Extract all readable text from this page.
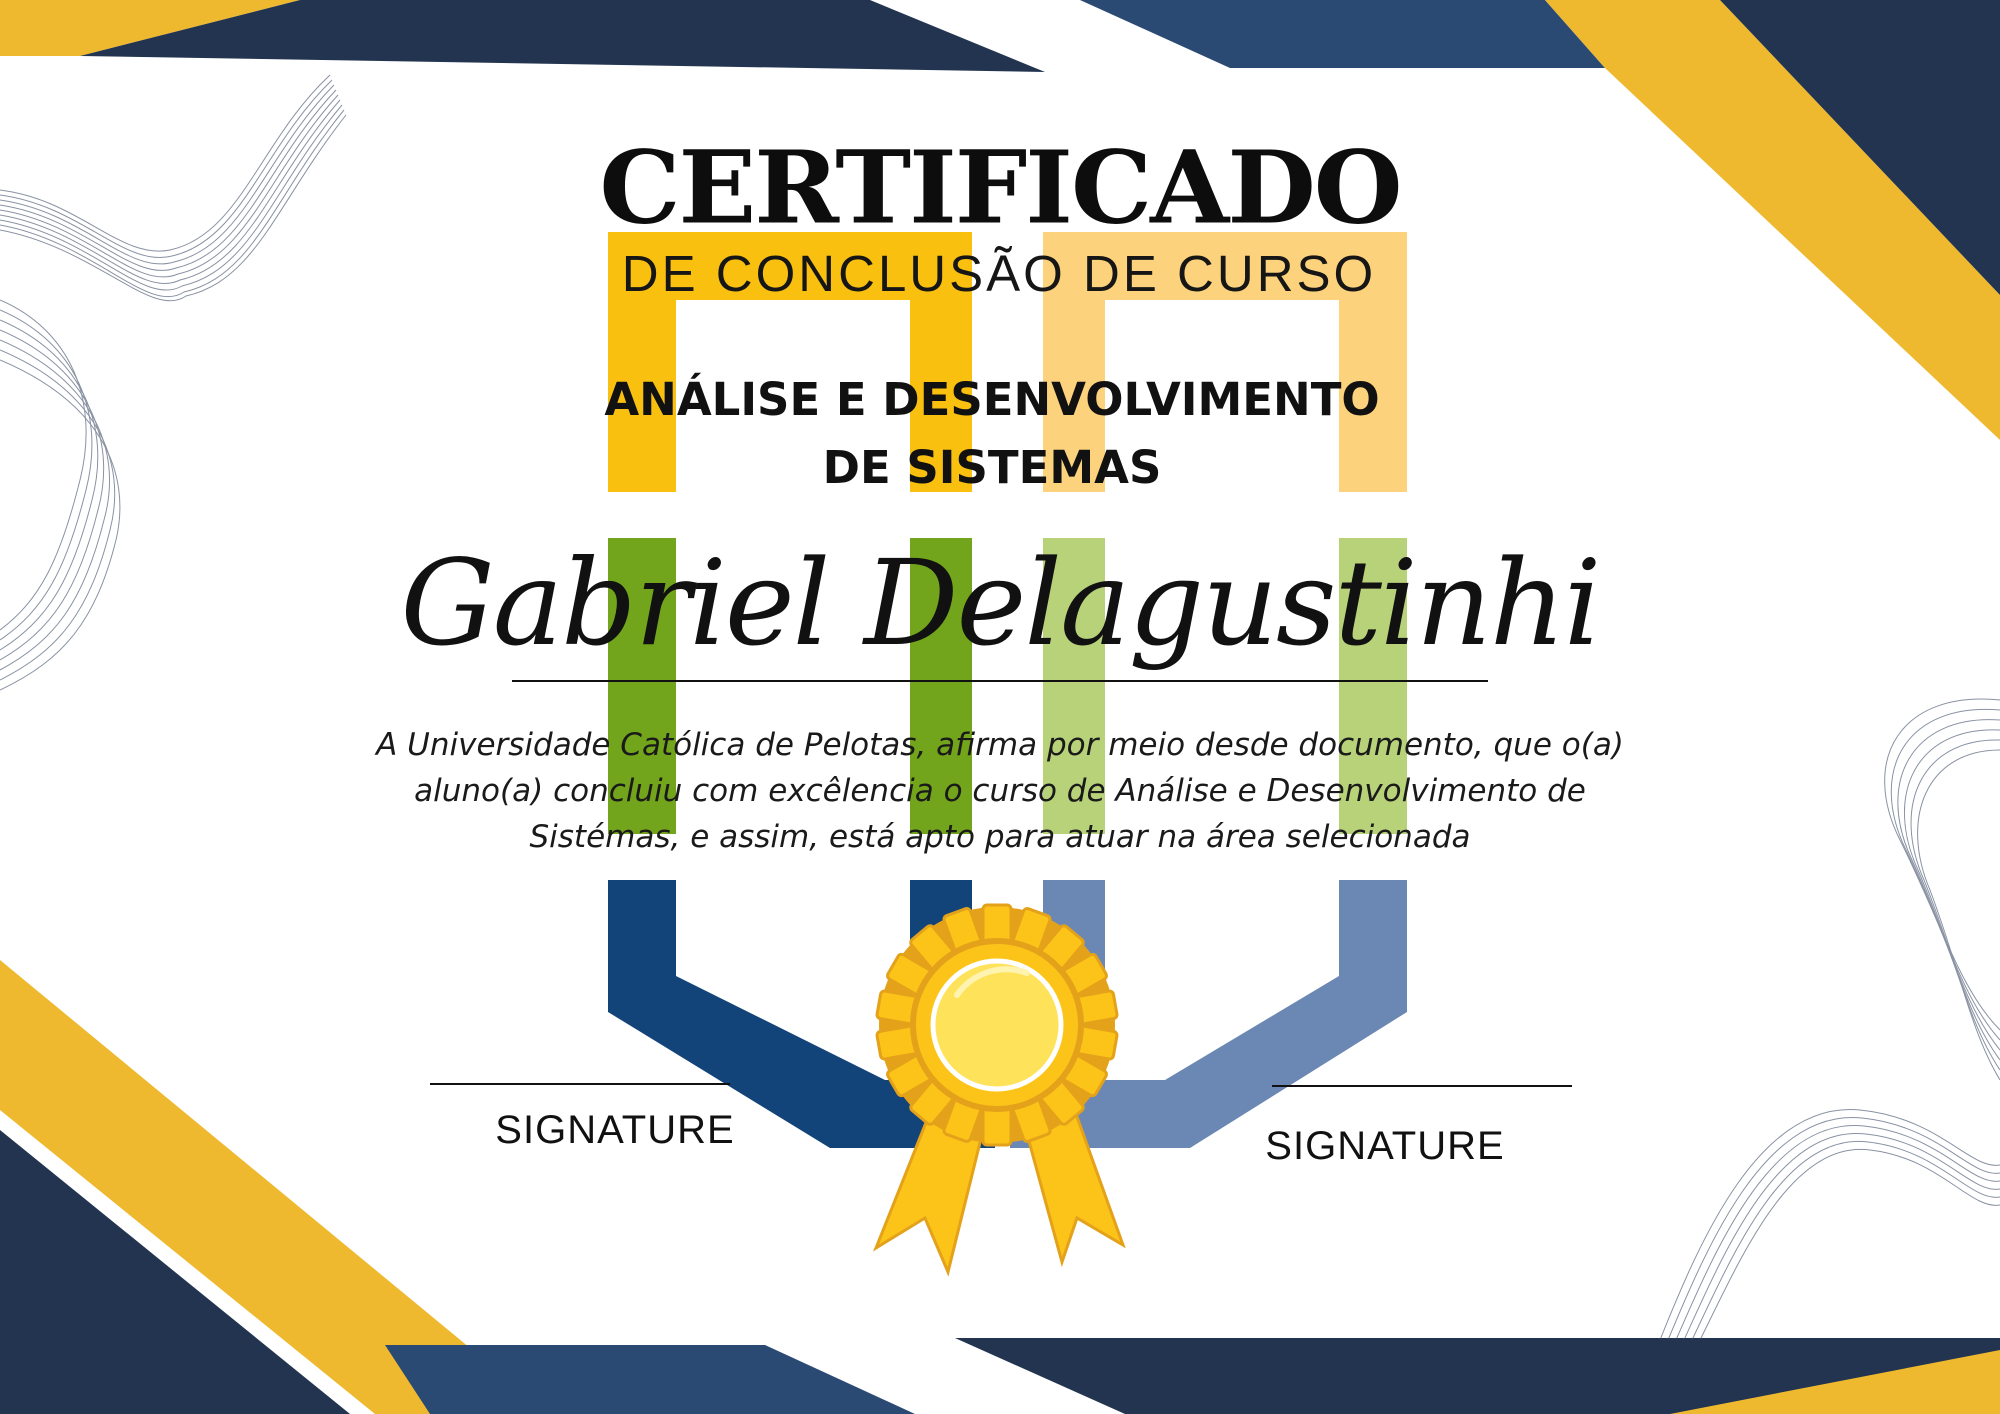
CERTIFICADO
DE CONCLUSÃO DE CURSO
ANÁLISE E DESENVOLVIMENTO
DE SISTEMAS
Gabriel Delagustinhi
A Universidade Católica de Pelotas, afirma por meio desde documento, que o(a)
aluno(a) concluiu com excêlencia o curso de Análise e Desenvolvimento de
Sistémas, e assim, está apto para atuar na área selecionada
SIGNATURE	SIGNATURE
